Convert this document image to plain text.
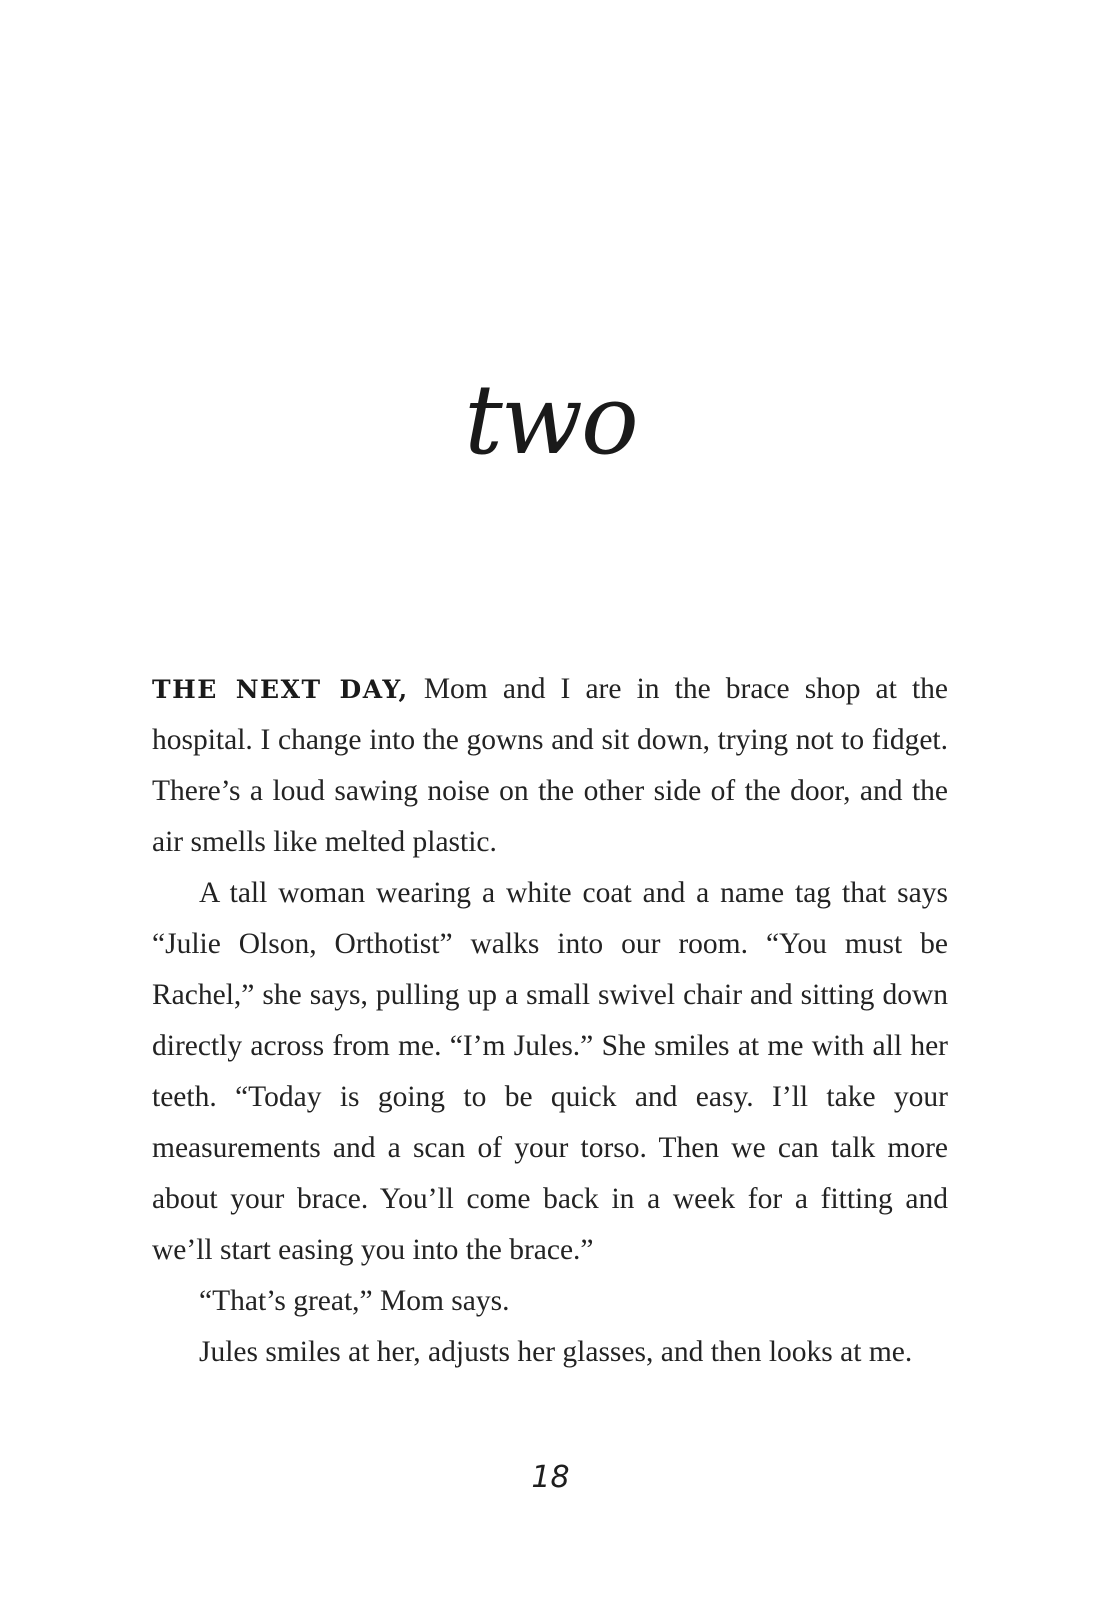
two

THE NEXT DAY, Mom and I are in the brace shop at the hospital. I change into the gowns and sit down, trying not to fidget. There’s a loud sawing noise on the other side of the door, and the air smells like melted plastic.

A tall woman wearing a white coat and a name tag that says “Julie Olson, Orthotist” walks into our room. “You must be Rachel,” she says, pulling up a small swivel chair and sitting down directly across from me. “I’m Jules.” She smiles at me with all her teeth. “Today is going to be quick and easy. I’ll take your measurements and a scan of your torso. Then we can talk more about your brace. You’ll come back in a week for a fitting and we’ll start easing you into the brace.”

“That’s great,” Mom says.

Jules smiles at her, adjusts her glasses, and then looks at me.

18
